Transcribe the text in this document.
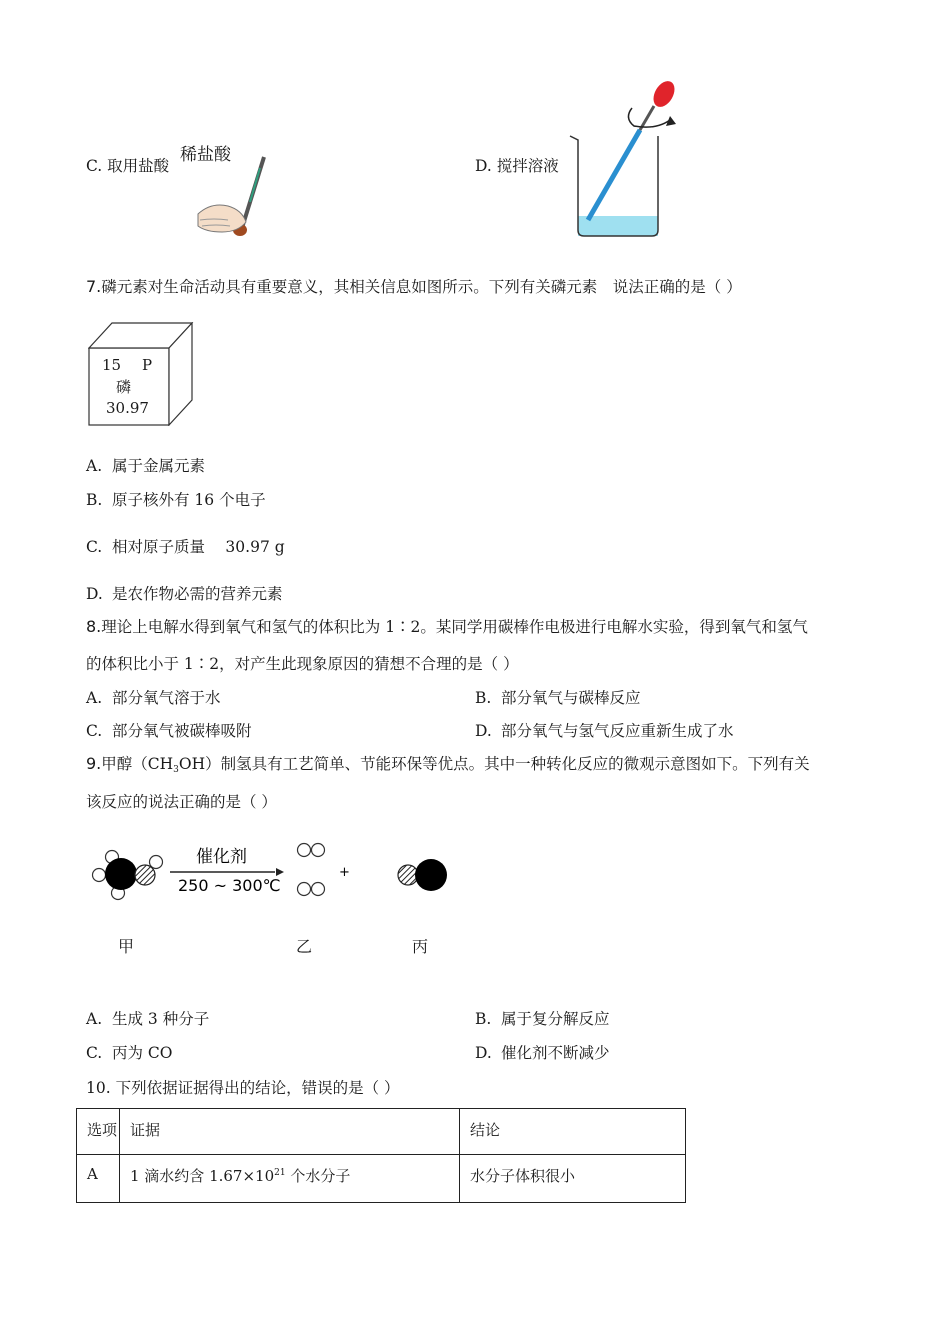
C. 取用盐酸
稀盐酸
D. 搅拌溶液
7.磷元素对生命活动具有重要意义，其相关信息如图所示。下列有关磷元素　说法正确的是（ ）
15 P
磷
30.97
A. 属于金属元素
B. 原子核外有 16 个电子
C. 相对原子质量　 30.97 g
D. 是农作物必需的营养元素
8.理论上电解水得到氧气和氢气的体积比为 1∶2。某同学用碳棒作电极进行电解水实验，得到氧气和氢气
的体积比小于 1∶2，对产生此现象原因的猜想不合理的是（ ）
A. 部分氧气溶于水	B. 部分氧气与碳棒反应
C. 部分氧气被碳棒吸附	D. 部分氧气与氢气反应重新生成了水
9.甲醇$(CH_3OH)$制氢具有工艺简单、节能环保等优点。其中一种转化反应的微观示意图如下。下列有关
该反应的说法正确的是（ ）
催化剂
250 ~ 300℃
+
甲	乙	丙
A. 生成 3 种分子	B. 属于复分解反应
C. 丙为 CO	D. 催化剂不断减少
10. 下列依据证据得出的结论，错误的是（ ）
选项	证据	结论
A	1 滴水约含 $1.67\times 10^{21}$ 个水分子	水分子体积很小
